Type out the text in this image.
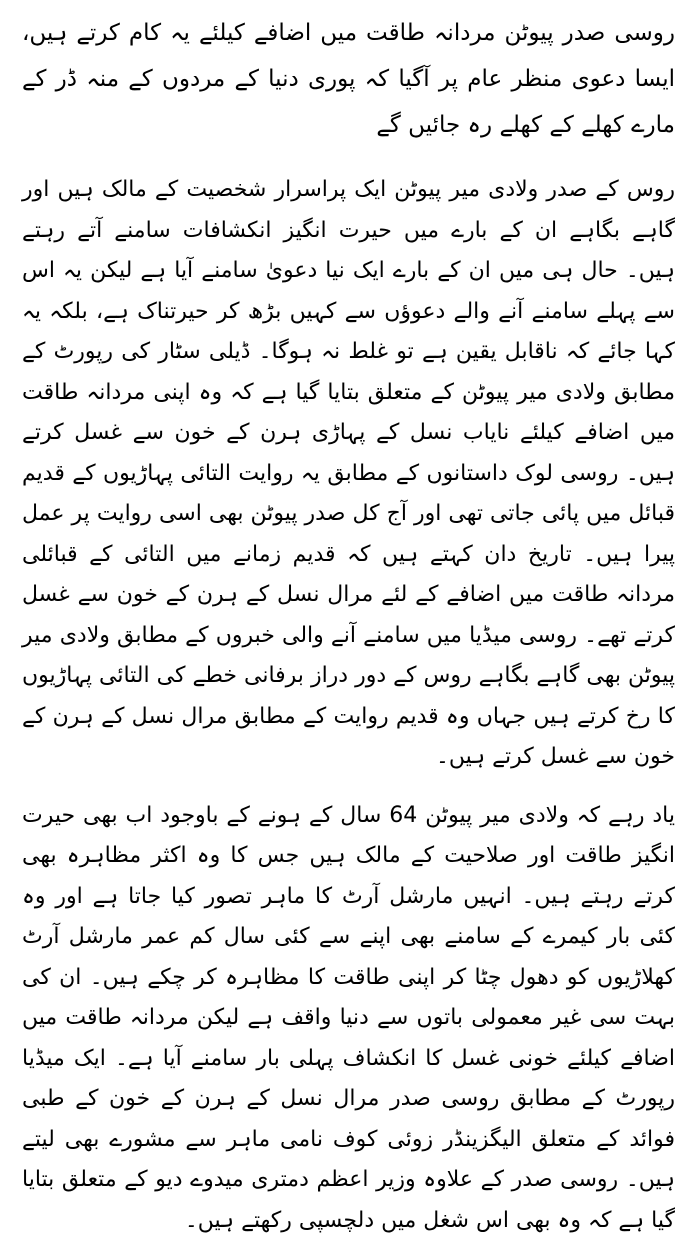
روسی صدر پیوٹن مردانہ طاقت میں اضافے کیلئے یہ کام کرتے ہیں، ایسا دعوی منظر عام پر آگیا کہ پوری دنیا کے مردوں کے منہ ڈر کے مارے کھلے کے کھلے رہ جائیں گے

روس کے صدر ولادی میر پیوٹن ایک پراسرار شخصیت کے مالک ہیں اور گاہے بگاہے ان کے بارے میں حیرت انگیز انکشافات سامنے آتے رہتے ہیں۔ حال ہی میں ان کے بارے ایک نیا دعویٰ سامنے آیا ہے لیکن یہ اس سے پہلے سامنے آنے والے دعوؤں سے کہیں بڑھ کر حیرتناک ہے، بلکہ یہ کہا جائے کہ ناقابل یقین ہے تو غلط نہ ہوگا۔ ڈیلی سٹار کی رپورٹ کے مطابق ولادی میر پیوٹن کے متعلق بتایا گیا ہے کہ وہ اپنی مردانہ طاقت میں اضافے کیلئے نایاب نسل کے پہاڑی ہرن کے خون سے غسل کرتے ہیں۔ روسی لوک داستانوں کے مطابق یہ روایت التائی پہاڑیوں کے قدیم قبائل میں پائی جاتی تھی اور آج کل صدر پیوٹن بھی اسی روایت پر عمل پیرا ہیں۔ تاریخ دان کہتے ہیں کہ قدیم زمانے میں التائی کے قبائلی مردانہ طاقت میں اضافے کے لئے مرال نسل کے ہرن کے خون سے غسل کرتے تھے۔ روسی میڈیا میں سامنے آنے والی خبروں کے مطابق ولادی میر پیوٹن بھی گاہے بگاہے روس کے دور دراز برفانی خطے کی التائی پہاڑیوں کا رخ کرتے ہیں جہاں وہ قدیم روایت کے مطابق مرال نسل کے ہرن کے خون سے غسل کرتے ہیں۔

یاد رہے کہ ولادی میر پیوٹن 64 سال کے ہونے کے باوجود اب بھی حیرت انگیز طاقت اور صلاحیت کے مالک ہیں جس کا وہ اکثر مظاہرہ بھی کرتے رہتے ہیں۔ انہیں مارشل آرٹ کا ماہر تصور کیا جاتا ہے اور وہ کئی بار کیمرے کے سامنے بھی اپنے سے کئی سال کم عمر مارشل آرٹ کھلاڑیوں کو دھول چٹا کر اپنی طاقت کا مظاہرہ کر چکے ہیں۔ ان کی بہت سی غیر معمولی باتوں سے دنیا واقف ہے لیکن مردانہ طاقت میں اضافے کیلئے خونی غسل کا انکشاف پہلی بار سامنے آیا ہے۔ ایک میڈیا رپورٹ کے مطابق روسی صدر مرال نسل کے ہرن کے خون کے طبی فوائد کے متعلق الیگزینڈر زوئی کوف نامی ماہر سے مشورے بھی لیتے ہیں۔ روسی صدر کے علاوہ وزیر اعظم دمتری میدوے دیو کے متعلق بتایا گیا ہے کہ وہ بھی اس شغل میں دلچسپی رکھتے ہیں۔
